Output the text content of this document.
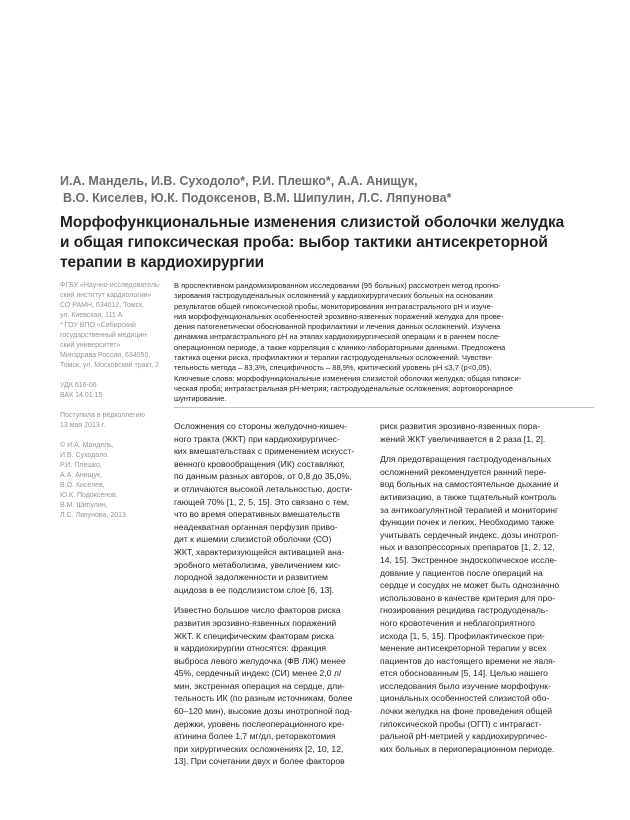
И.А. Мандель, И.В. Суходоло*, Р.И. Плешко*, А.А. Анищук,
В.О. Киселев, Ю.К. Подоксенов, В.М. Шипулин, Л.С. Ляпунова*
Морфофункциональные изменения слизистой оболочки желудка
и общая гипоксическая проба: выбор тактики антисекреторной
терапии в кардиохирургии
ФГБУ «Научно-исследователь-
ский институт кардиологии»
СО РАМН, 634012, Томск,
ул. Киевская, 111 А
* ГОУ ВПО «Сибирский
государственный медицин-
ский университет»
Минздрава России, 634050,
Томск, ул. Московский тракт, 2
УДК 616-06
ВАК 14.01.15
Поступила в редколлегию
13 мая 2013 г.
© И.А. Мандель,
И.В. Суходоло,
Р.И. Плешко,
А.А. Анищук,
В.О. Киселев,
Ю.К. Подоксенов,
В.М. Шипулин,
Л.С. Ляпунова, 2013
В проспективном рандомизированном исследовании (95 больных) рассмотрен метод прогно-
зирования гастродуоденальных осложнений у кардиохирургических больных на основании
результатов общей гипоксической пробы, мониторирования интрагастрального pH и изуче-
ния морфофункциональных особенностей эрозивно-язвенных поражений желудка для прове-
дения патогенетически обоснованной профилактики и лечения данных осложнений. Изучена
динамика интрагастрального pH на этапах кардиохирургической операции и в раннем после-
операционном периоде, а также корреляция с клинико-лабораторными данными. Предложена
тактика оценки риска, профилактики и терапии гастродуоденальных осложнений. Чувстви-
тельность метода – 83,3%, специфичность – 88,9%, критический уровень pH ≤3,7 (p<0,05).
Ключевые слова: морфофункциональные изменения слизистой оболочки желудка; общая гипокси-
ческая проба; интрагастральная pH-метрия; гастродуоденальные осложнения; аортокоронарное
шунтирование.
Осложнения со стороны желудочно-кишеч-
ного тракта (ЖКТ) при кардиохирургичес-
ких вмешательствах с применением искусст-
венного кровообращения (ИК) составляют,
по данным разных авторов, от 0,8 до 35,0%,
и отличаются высокой летальностью, дости-
гающей 70% [1, 2, 5, 15]. Это связано с тем,
что во время оперативных вмешательств
неадекватная органная перфузия приво-
дит к ишемии слизистой оболочки (СО)
ЖКТ, характеризующейся активацией ана-
эробного метаболизма, увеличением кис-
лородной задолженности и развитием
ацидоза в ее подслизистом слое [6, 13].
Известно большое число факторов риска
развития эрозивно-язвенных поражений
ЖКТ. К специфическим факторам риска
в кардиохирургии относятся: фракция
выброса левого желудочка (ФВ ЛЖ) менее
45%, сердечный индекс (СИ) менее 2,0 л/
мин, экстренная операция на сердце, дли-
тельность ИК (по разным источникам, более
60–120 мин), высокие дозы инотропной под-
держки, уровень послеоперационного кре-
атинина более 1,7 мг/дл, реторакотомия
при хирургических осложнениях [2, 10, 12,
13]. При сочетании двух и более факторов
риск развития эрозивно-язвенных пора-
жений ЖКТ увеличивается в 2 раза [1, 2].
Для предотвращения гастродуоденальных
осложнений рекомендуется ранний пере-
вод больных на самостоятельное дыхание и
активизацию, а также тщательный контроль
за антикоагулянтной терапией и мониторинг
функции почек и легких. Необходимо также
учитывать сердечный индекс, дозы инотроп-
ных и вазопрессорных препаратов [1, 2, 12,
14, 15]. Экстренное эндоскопическое иссле-
дование у пациентов после операций на
сердце и сосудах не может быть однозначно
использовано в качестве критерия для про-
гнозирования рецидива гастродуоденаль-
ного кровотечения и неблагоприятного
исхода [1, 5, 15]. Профилактическое при-
менение антисекреторной терапии у всех
пациентов до настоящего времени не явля-
ется обоснованным [5, 14]. Целью нашего
исследования было изучение морфофунк-
циональных особенностей слизистой обо-
лочки желудка на фоне проведения общей
гипоксической пробы (ОГП) с интрагаст-
ральной pH-метрией у кардиохирургичес-
ких больных в периоперационном периоде.
